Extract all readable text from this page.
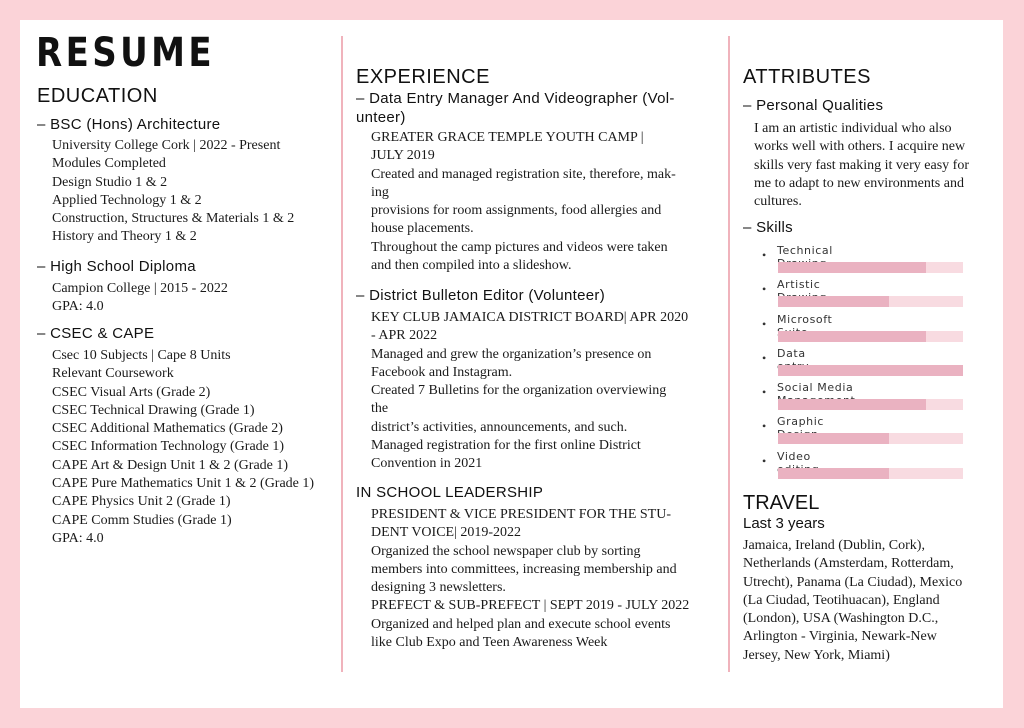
RESUME
EDUCATION
– BSC (Hons) Architecture
University College Cork | 2022 - Present
Modules Completed
Design Studio 1 & 2
Applied Technology 1 & 2
Construction, Structures & Materials 1 & 2
History and Theory 1 & 2
– High School Diploma
Campion College | 2015 - 2022
GPA: 4.0
– CSEC & CAPE
Csec 10 Subjects | Cape 8 Units
Relevant Coursework
CSEC Visual Arts (Grade 2)
CSEC Technical Drawing (Grade 1)
CSEC Additional Mathematics (Grade 2)
CSEC Information Technology (Grade 1)
CAPE Art & Design Unit 1 & 2 (Grade 1)
CAPE Pure Mathematics Unit 1 & 2 (Grade 1)
CAPE Physics Unit 2 (Grade 1)
CAPE Comm Studies (Grade 1)
GPA: 4.0
EXPERIENCE
– Data Entry Manager And Videographer (Vol-
unteer)
GREATER GRACE TEMPLE YOUTH CAMP |
JULY 2019
Created and managed registration site, therefore, mak-
ing
provisions for room assignments, food allergies and
house placements.
Throughout the camp pictures and videos were taken
and then compiled into a slideshow.
– District Bulleton Editor (Volunteer)
KEY CLUB JAMAICA DISTRICT BOARD| APR 2020
- APR 2022
Managed and grew the organization’s presence on
Facebook and Instagram.
Created 7 Bulletins for the organization overviewing
the
district’s activities, announcements, and such.
Managed registration for the first online District
Convention in 2021
IN SCHOOL LEADERSHIP
PRESIDENT & VICE PRESIDENT FOR THE STU-
DENT VOICE| 2019-2022
Organized the school newspaper club by sorting
members into committees, increasing membership and
designing 3 newsletters.
PREFECT & SUB-PREFECT | SEPT 2019 - JULY 2022
Organized and helped plan and execute school events
like Club Expo and Teen Awareness Week
ATTRIBUTES
– Personal Qualities
I am an artistic individual who also
works well with others. I acquire new
skills very fast making it very easy for
me to adapt to new environments and
cultures.
– Skills
• Technical
• Artistic
• Microsoft
• Data
• Social Media
• Graphic
• Video
TRAVEL
Last 3 years
Jamaica, Ireland (Dublin, Cork),
Netherlands (Amsterdam, Rotterdam,
Utrecht), Panama (La Ciudad), Mexico
(La Ciudad, Teotihuacan), England
(London), USA (Washington D.C.,
Arlington - Virginia, Newark-New
Jersey, New York, Miami)
